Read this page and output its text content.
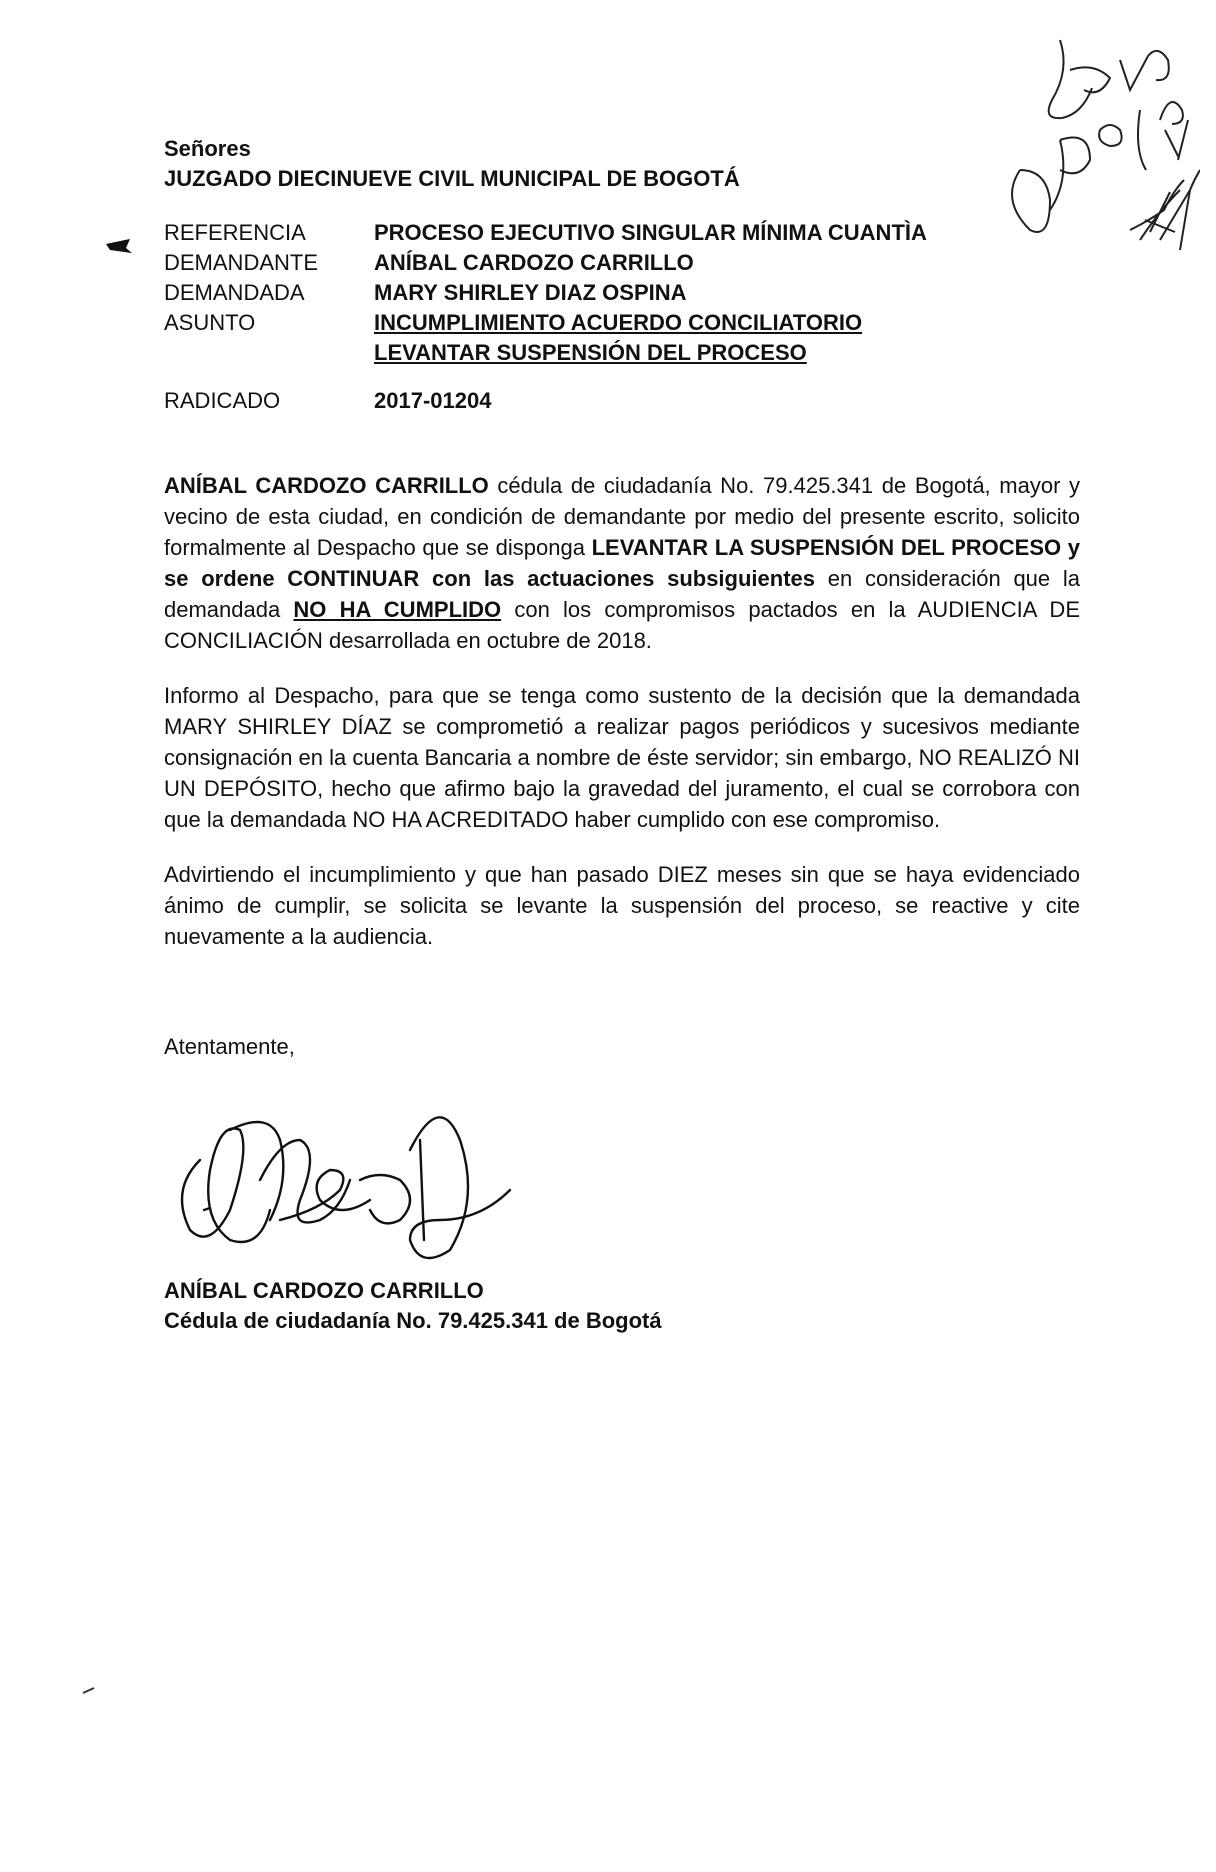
Señores
JUZGADO DIECINUEVE CIVIL MUNICIPAL DE BOGOTÁ
REFERENCIA	PROCESO EJECUTIVO SINGULAR MÍNIMA CUANTÌA
DEMANDANTE	ANÍBAL CARDOZO CARRILLO
DEMANDADA	MARY SHIRLEY DIAZ OSPINA
ASUNTO	INCUMPLIMIENTO ACUERDO CONCILIATORIO
LEVANTAR SUSPENSIÓN DEL PROCESO
RADICADO	2017-01204

ANÍBAL CARDOZO CARRILLO cédula de ciudadanía No. 79.425.341 de Bogotá, mayor y vecino de esta ciudad, en condición de demandante por medio del presente escrito, solicito formalmente al Despacho que se disponga LEVANTAR LA SUSPENSIÓN DEL PROCESO y se ordene CONTINUAR con las actuaciones subsiguientes en consideración que la demandada NO HA CUMPLIDO con los compromisos pactados en la AUDIENCIA DE CONCILIACIÓN desarrollada en octubre de 2018.

Informo al Despacho, para que se tenga como sustento de la decisión que la demandada MARY SHIRLEY DÍAZ se comprometió a realizar pagos periódicos y sucesivos mediante consignación en la cuenta Bancaria a nombre de éste servidor; sin embargo, NO REALIZÓ NI UN DEPÓSITO, hecho que afirmo bajo la gravedad del juramento, el cual se corrobora con que la demandada NO HA ACREDITADO haber cumplido con ese compromiso.

Advirtiendo el incumplimiento y que han pasado DIEZ meses sin que se haya evidenciado ánimo de cumplir, se solicita se levante la suspensión del proceso, se reactive y cite nuevamente a la audiencia.

Atentamente,
ANÍBAL CARDOZO CARRILLO
Cédula de ciudadanía No. 79.425.341 de Bogotá
